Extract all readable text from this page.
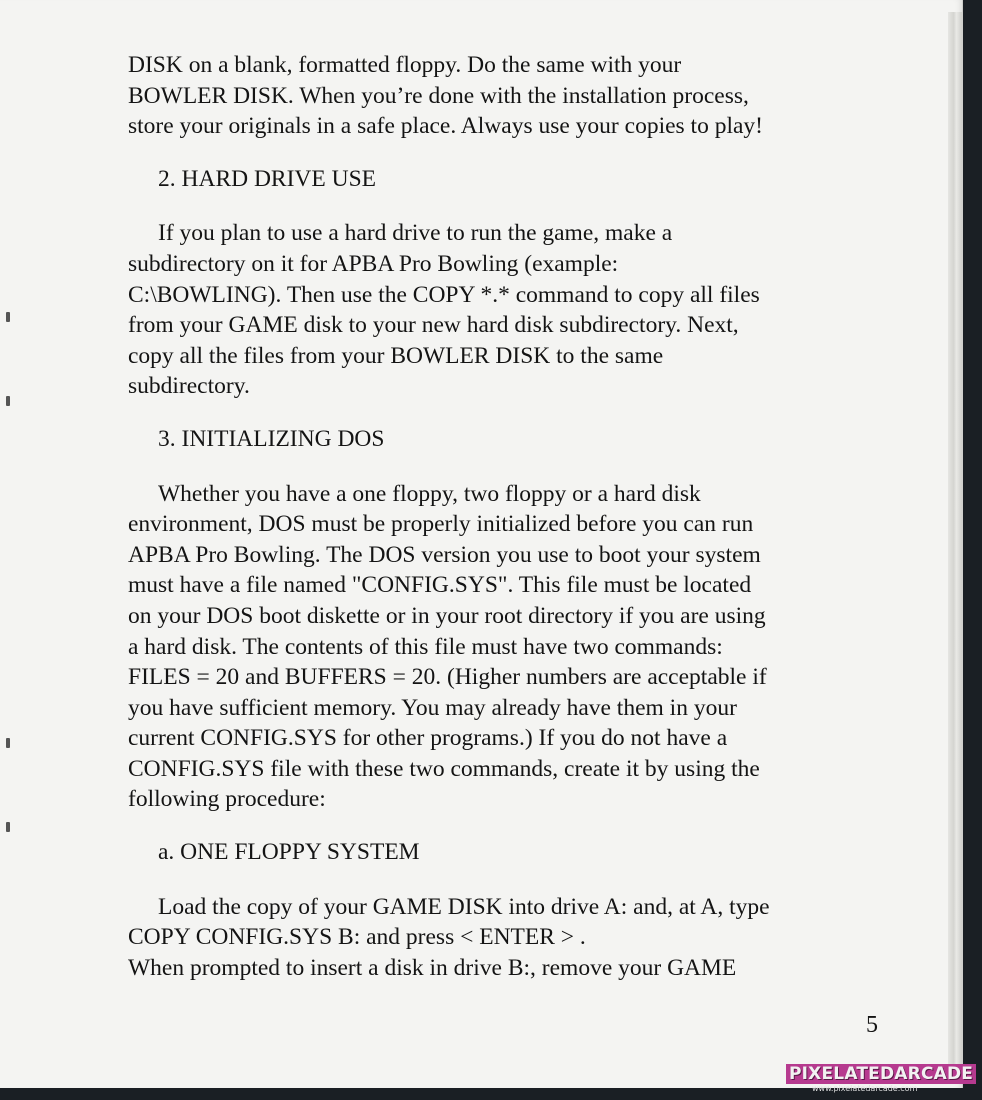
DISK on a blank, formatted floppy. Do the same with your
BOWLER DISK. When you’re done with the installation process,
store your originals in a safe place. Always use your copies to play!
2. HARD DRIVE USE
If you plan to use a hard drive to run the game, make a
subdirectory on it for APBA Pro Bowling (example:
C:\BOWLING). Then use the COPY *.* command to copy all files
from your GAME disk to your new hard disk subdirectory. Next,
copy all the files from your BOWLER DISK to the same
subdirectory.
3. INITIALIZING DOS
Whether you have a one floppy, two floppy or a hard disk
environment, DOS must be properly initialized before you can run
APBA Pro Bowling. The DOS version you use to boot your system
must have a file named "CONFIG.SYS". This file must be located
on your DOS boot diskette or in your root directory if you are using
a hard disk. The contents of this file must have two commands:
FILES = 20 and BUFFERS = 20. (Higher numbers are acceptable if
you have sufficient memory. You may already have them in your
current CONFIG.SYS for other programs.) If you do not have a
CONFIG.SYS file with these two commands, create it by using the
following procedure:
a. ONE FLOPPY SYSTEM
Load the copy of your GAME DISK into drive A: and, at A, type
COPY CONFIG.SYS B: and press < ENTER > .
When prompted to insert a disk in drive B:, remove your GAME
5
PIXELATEDARCADE
www.pixelatedarcade.com
